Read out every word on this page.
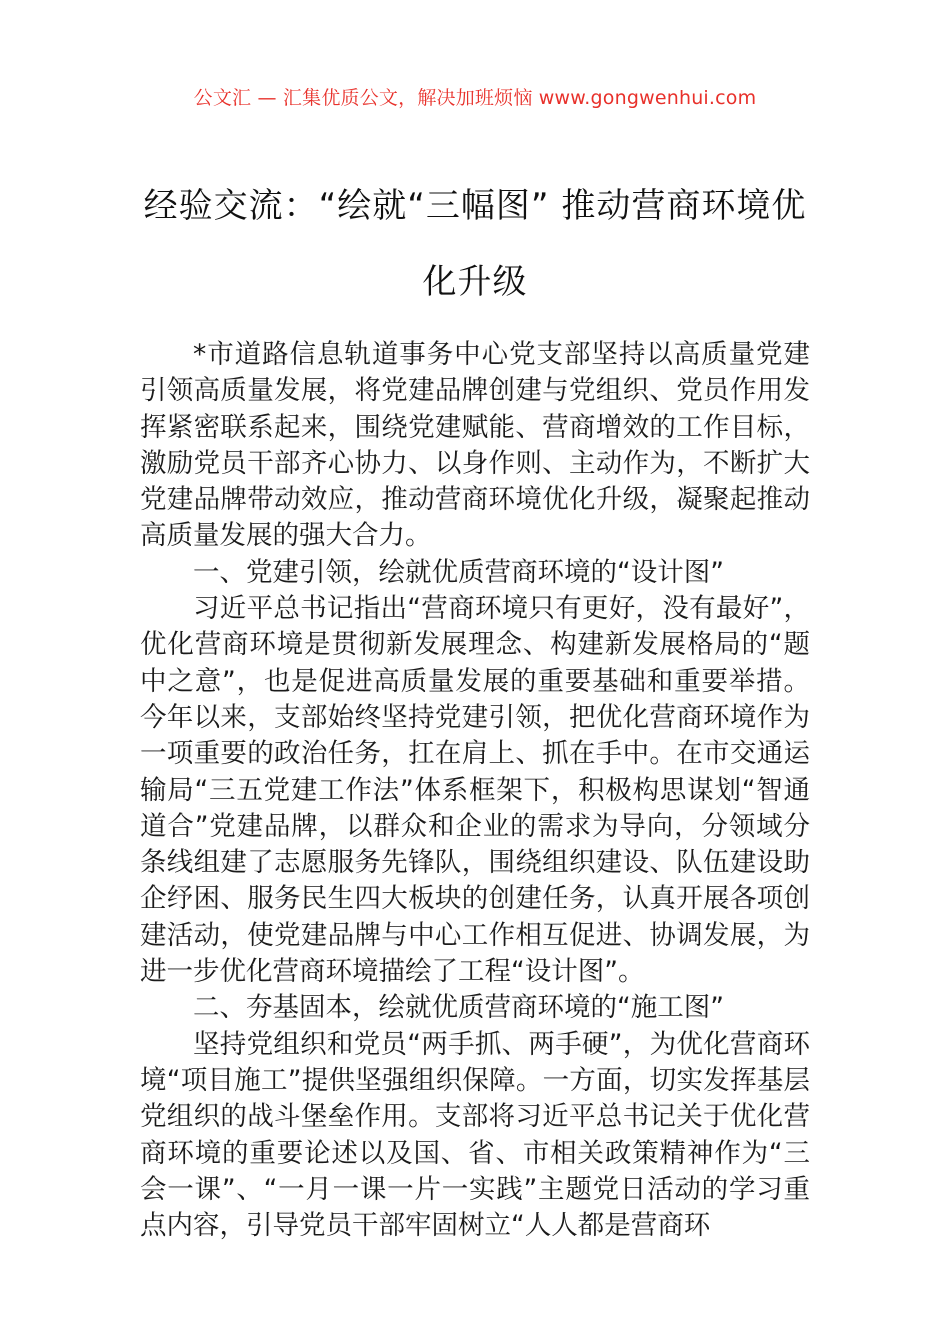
公文汇 — 汇集优质公文，解决加班烦恼 www.gongwenhui.com
经验交流：“绘就“三幅图” 推动营商环境优化升级

*市道路信息轨道事务中心党支部坚持以高质量党建引领高质量发展，将党建品牌创建与党组织、党员作用发挥紧密联系起来，围绕党建赋能、营商增效的工作目标，激励党员干部齐心协力、以身作则、主动作为，不断扩大党建品牌带动效应，推动营商环境优化升级，凝聚起推动高质量发展的强大合力。

一、党建引领，绘就优质营商环境的“设计图”

习近平总书记指出“营商环境只有更好，没有最好”，优化营商环境是贯彻新发展理念、构建新发展格局的“题中之意”，也是促进高质量发展的重要基础和重要举措。今年以来，支部始终坚持党建引领，把优化营商环境作为一项重要的政治任务，扛在肩上、抓在手中。在市交通运输局“三五党建工作法”体系框架下，积极构思谋划“智通道合”党建品牌，以群众和企业的需求为导向，分领域分条线组建了志愿服务先锋队，围绕组织建设、队伍建设助企纾困、服务民生四大板块的创建任务，认真开展各项创建活动，使党建品牌与中心工作相互促进、协调发展，为进一步优化营商环境描绘了工程“设计图”。

二、夯基固本，绘就优质营商环境的“施工图”

坚持党组织和党员“两手抓、两手硬”，为优化营商环境“项目施工”提供坚强组织保障。一方面，切实发挥基层党组织的战斗堡垒作用。支部将习近平总书记关于优化营商环境的重要论述以及国、省、市相关政策精神作为“三会一课”、“一月一课一片一实践”主题党日活动的学习重点内容，引导党员干部牢固树立“人人都是营商环
